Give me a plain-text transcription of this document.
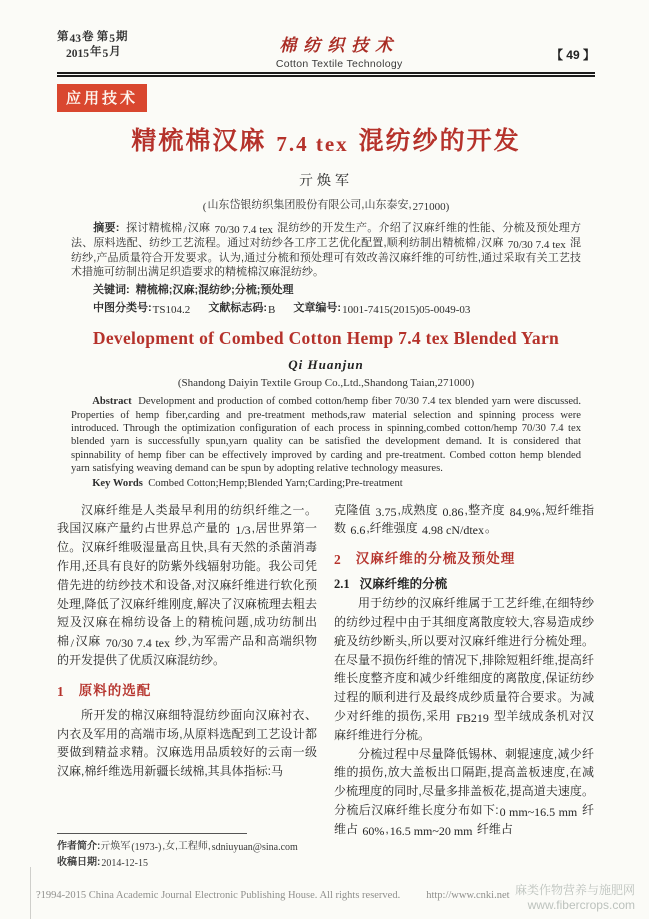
第43卷 第5期
2015年5月	棉纺织技术
Cotton Textile Technology
【 49 】
应用技术
精梳棉汉麻 7.4 tex 混纺纱的开发
亓焕军
(山东岱银纺织集团股份有限公司,山东泰安,271000)
摘要: 探讨精梳棉/汉麻 70/30 7.4 tex 混纺纱的开发生产。介绍了汉麻纤维的性能、分梳及预处理方法、原料选配、纺纱工艺流程。通过对纺纱各工序工艺优化配置,顺利纺制出精梳棉/汉麻 70/30 7.4 tex 混纺纱,产品质量符合开发要求。认为,通过分梳和预处理可有效改善汉麻纤维的可纺性,通过采取有关工艺技术措施可纺制出满足织造要求的精梳棉汉麻混纺纱。
关键词: 精梳棉;汉麻;混纺纱;分梳;预处理
中图分类号:TS104.2 文献标志码:B 文章编号:1001-7415(2015)05-0049-03
Development of Combed Cotton Hemp 7.4 tex Blended Yarn
Qi Huanjun
(Shandong Daiyin Textile Group Co.,Ltd.,Shandong Taian,271000)
Abstract Development and production of combed cotton/hemp fiber 70/30 7.4 tex blended yarn were discussed. Properties of hemp fiber,carding and pre-treatment methods,raw material selection and spinning process were introduced. Through the optimization configuration of each process in spinning,combed cotton/hemp 70/30 7.4 tex blended yarn is successfully spun,yarn quality can be satisfied the development demand. It is considered that spinnability of hemp fiber can be effectively improved by carding and pre-treatment. Combed cotton hemp blended yarn satisfying weaving demand can be spun by adopting relative technology measures.
Key Words Combed Cotton;Hemp;Blended Yarn;Carding;Pre-treatment

汉麻纤维是人类最早利用的纺织纤维之一。我国汉麻产量约占世界总产量的 1/3,居世界第一位。汉麻纤维吸湿量高且快,具有天然的杀菌消毒作用,还具有良好的防紫外线辐射功能。我公司凭借先进的纺纱技术和设备,对汉麻纤维进行软化预处理,降低了汉麻纤维刚度,解决了汉麻梳理去粗去短及汉麻在棉纺设备上的精梳问题,成功纺制出棉/汉麻 70/30 7.4 tex 纱,为军需产品和高端织物的开发提供了优质汉麻混纺纱。

1 原料的选配

所开发的棉汉麻细特混纺纱面向汉麻衬衣、内衣及军用的高端市场,从原料选配到工艺设计都要做到精益求精。汉麻选用品质较好的云南一级汉麻,棉纤维选用新疆长绒棉,其具体指标:马

作者简介:亓焕军(1973-),女,工程师,sdniuyuan@sina.com
收稿日期:2014-12-15

克隆值 3.75,成熟度 0.86,整齐度 84.9%,短纤维指数 6.6,纤维强度 4.98 cN/dtex。

2 汉麻纤维的分梳及预处理
2.1 汉麻纤维的分梳

用于纺纱的汉麻纤维属于工艺纤维,在细特纱的纺纱过程中由于其细度离散度较大,容易造成纱疵及纺纱断头,所以要对汉麻纤维进行分梳处理。在尽量不损伤纤维的情况下,排除短粗纤维,提高纤维长度整齐度和减少纤维细度的离散度,保证纺纱过程的顺利进行及最终成纱质量符合要求。为减少对纤维的损伤,采用 FB219 型羊绒成条机对汉麻纤维进行分梳。

分梳过程中尽量降低锡林、刺辊速度,减少纤维的损伤,放大盖板出口隔距,提高盖板速度,在减少梳理度的同时,尽量多排盖板花,提高道夫速度。分梳后汉麻纤维长度分布如下:0 mm~16.5 mm 纤维占 60%,16.5 mm~20 mm 纤维占

?1994-2015 China Academic Journal Electronic Publishing House. All rights reserved. http://www.cnki.net 麻类作物营养与施肥网
www.fibercrops.com
